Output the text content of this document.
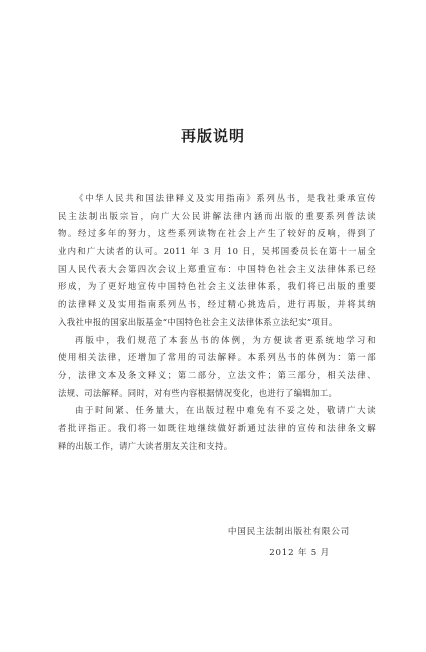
再版说明
《中华人民共和国法律释义及实用指南》系列丛书，是我社秉承宣传
民主法制出版宗旨，向广大公民讲解法律内涵而出版的重要系列普法读
物。经过多年的努力，这些系列读物在社会上产生了较好的反响，得到了
业内和广大读者的认可。2011 年 3 月 10 日，吴邦国委员长在第十一届全
国人民代表大会第四次会议上郑重宣布：中国特色社会主义法律体系已经
形成，为了更好地宣传中国特色社会主义法律体系，我们将已出版的重要
的法律释义及实用指南系列丛书，经过精心挑选后，进行再版，并将其纳
入我社申报的国家出版基金“中国特色社会主义法律体系立法纪实”项目。
再版中，我们规范了本套丛书的体例，为方便读者更系统地学习和
使用相关法律，还增加了常用的司法解释。本系列丛书的体例为：第一部
分，法律文本及条文释义；第二部分，立法文件；第三部分，相关法律、
法规、司法解释。同时，对有些内容根据情况变化，也进行了编辑加工。
由于时间紧、任务量大，在出版过程中难免有不妥之处，敬请广大读
者批评指正。我们将一如既往地继续做好新通过法律的宣传和法律条文解
释的出版工作，请广大读者朋友关注和支持。
中国民主法制出版社有限公司
2012 年 5 月
